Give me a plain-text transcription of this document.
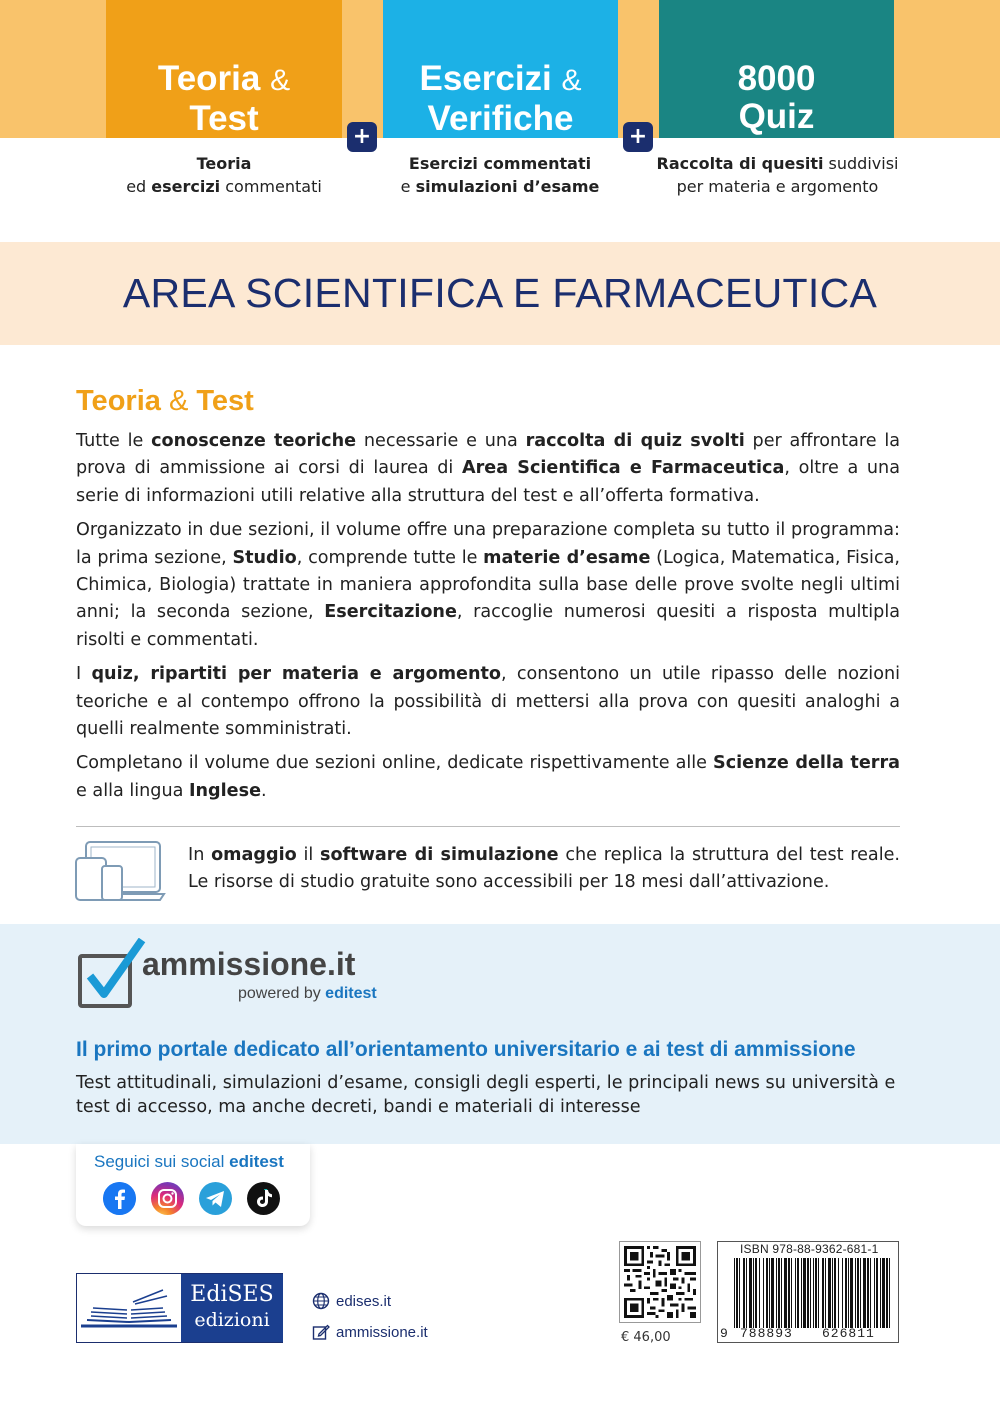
Teoria &
Test
Esercizi &
Verifiche
8000
Quiz
+	+
Teoria
ed esercizi commentati
Esercizi commentati
e simulazioni d’esame
Raccolta di quesiti suddivisi
per materia e argomento
AREA SCIENTIFICA E FARMACEUTICA
Teoria & Test

Tutte le conoscenze teoriche necessarie e una raccolta di quiz svolti per affrontare la prova di ammissione ai corsi di laurea di Area Scientifica e Farmaceutica, oltre a una serie di informazioni utili relative alla struttura del test e all’offerta formativa.

Organizzato in due sezioni, il volume offre una preparazione completa su tutto il programma: la prima sezione, Studio, comprende tutte le materie d’esame (Logica, Matematica, Fisica, Chimica, Biologia) trattate in maniera approfondita sulla base delle prove svolte negli ultimi anni; la seconda sezione, Esercitazione, raccoglie numerosi quesiti a risposta multipla risolti e commentati.

I quiz, ripartiti per materia e argomento, consentono un utile ripasso delle nozioni teoriche e al contempo offrono la possibilità di mettersi alla prova con quesiti analoghi a quelli realmente somministrati.

Completano il volume due sezioni online, dedicate rispettivamente alle Scienze della terra e alla lingua Inglese.

In omaggio il software di simulazione che replica la struttura del test reale. Le risorse di studio gratuite sono accessibili per 18 mesi dall’attivazione.
ammissione.it
powered by editest
Il primo portale dedicato all’orientamento universitario e ai test di ammissione
Test attitudinali, simulazioni d’esame, consigli degli esperti, le principali news su università e test di accesso, ma anche decreti, bandi e materiali di interesse
Seguici sui social editest
EdiSES
edizioni
edises.it
ammissione.it	€ 46,00
ISBN 978-88-9362-681-1
9 788893 626811
